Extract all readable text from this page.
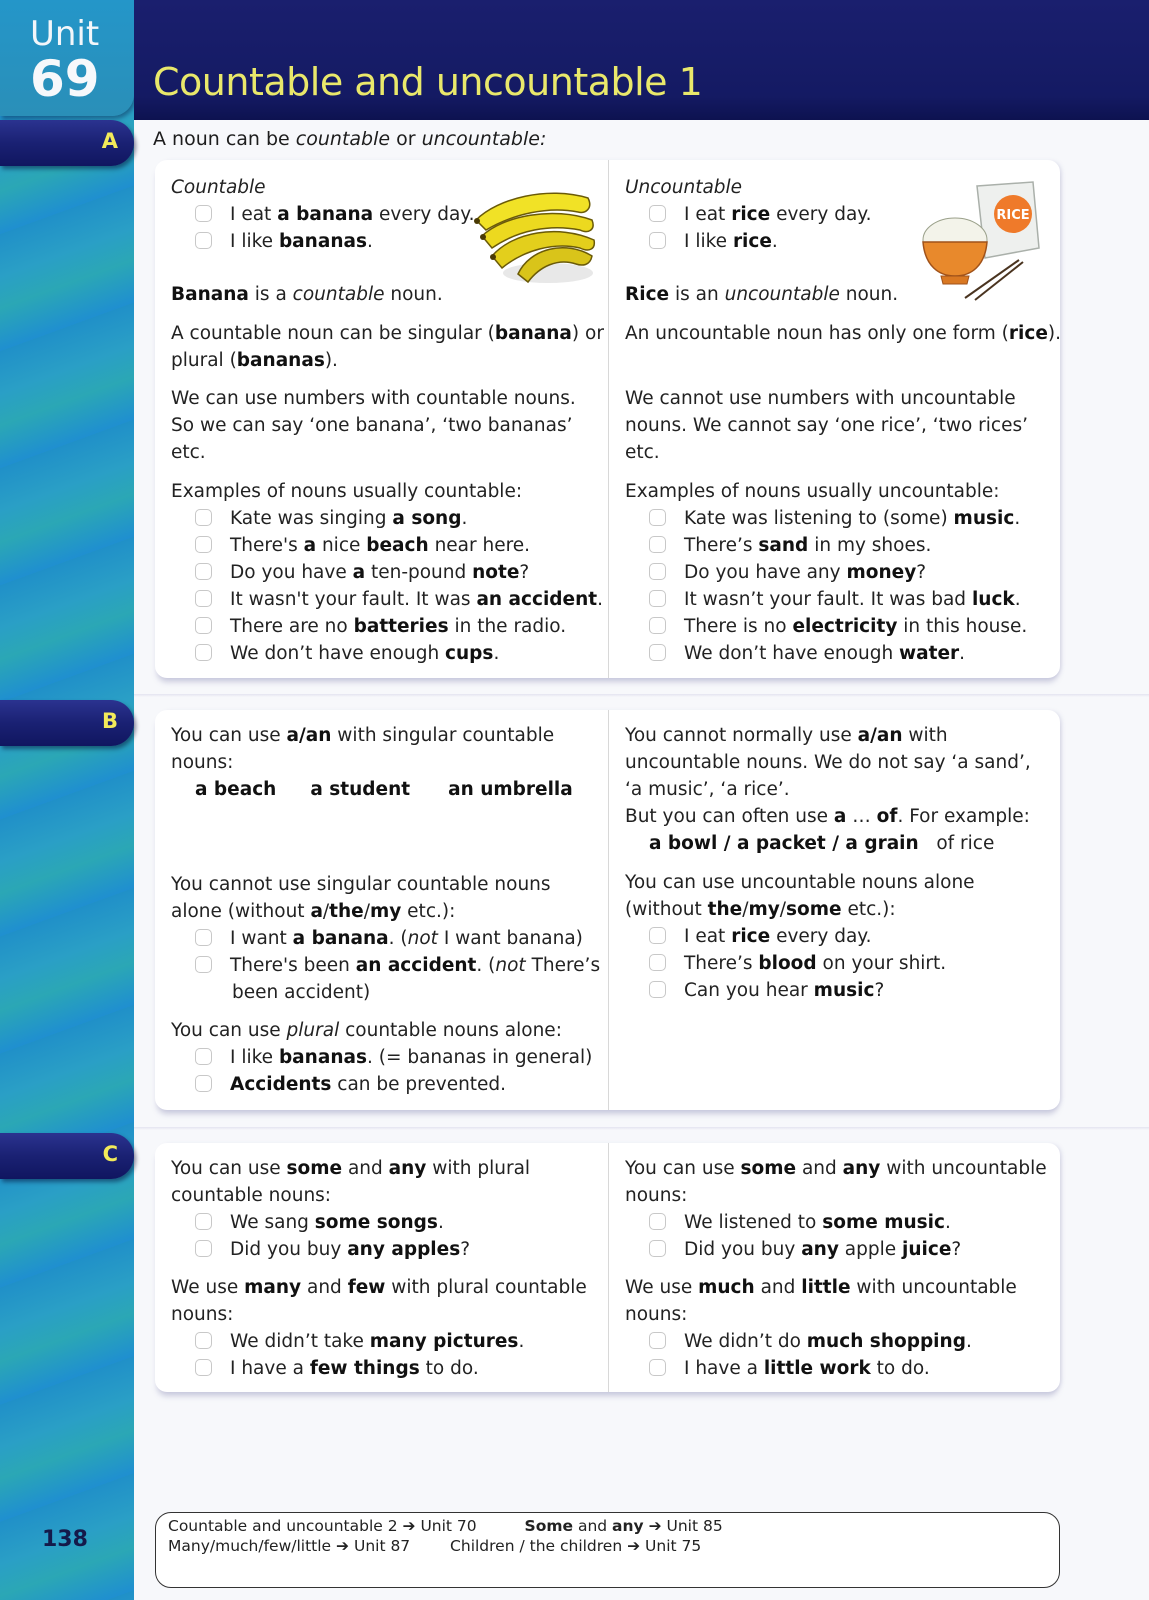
Unit
69 Countable and uncountable 1
A
B
C
A noun can be countable or uncountable:
Countable
I eat a banana every day.
I like bananas.
Banana is a countable noun.
A countable noun can be singular (banana) or
plural (bananas).
We can use numbers with countable nouns.
So we can say ‘one banana’, ‘two bananas’
etc.
Examples of nouns usually countable:
Kate was singing a song.
There's a nice beach near here.
Do you have a ten-pound note?
It wasn't your fault. It was an accident.
There are no batteries in the radio.
We don’t have enough cups.
Uncountable
I eat rice every day.
I like rice.
Rice is an uncountable noun.
An uncountable noun has only one form (rice).
We cannot use numbers with uncountable
nouns. We cannot say ‘one rice’, ‘two rices’
etc.
Examples of nouns usually uncountable:
Kate was listening to (some) music.
There’s sand in my shoes.
Do you have any money?
It wasn’t your fault. It was bad luck.
There is no electricity in this house.
We don’t have enough water.
RICE
You can use a/an with singular countable
nouns:
a beach a student an umbrella
You cannot use singular countable nouns
alone (without a/the/my etc.):
I want a banana. (not I want banana)
There's been an accident. (not There’s
been accident)
You can use plural countable nouns alone:
I like bananas. (= bananas in general)
Accidents can be prevented.
You cannot normally use a/an with
uncountable nouns. We do not say ‘a sand’,
‘a music’, ‘a rice’.
But you can often use a … of. For example:
a bowl / a packet / a grain   of rice
You can use uncountable nouns alone
(without the/my/some etc.):
I eat rice every day.
There’s blood on your shirt.
Can you hear music?
You can use some and any with plural
countable nouns:
We sang some songs.
Did you buy any apples?
We use many and few with plural countable
nouns:
We didn’t take many pictures.
I have a few things to do.
You can use some and any with uncountable
nouns:
We listened to some music.
Did you buy any apple juice?
We use much and little with uncountable
nouns:
We didn’t do much shopping.
I have a little work to do.
138
Countable and uncountable 2 ➔ Unit 70	Some and any ➔ Unit 85
Many/much/few/little ➔ Unit 87	Children / the children ➔ Unit 75
